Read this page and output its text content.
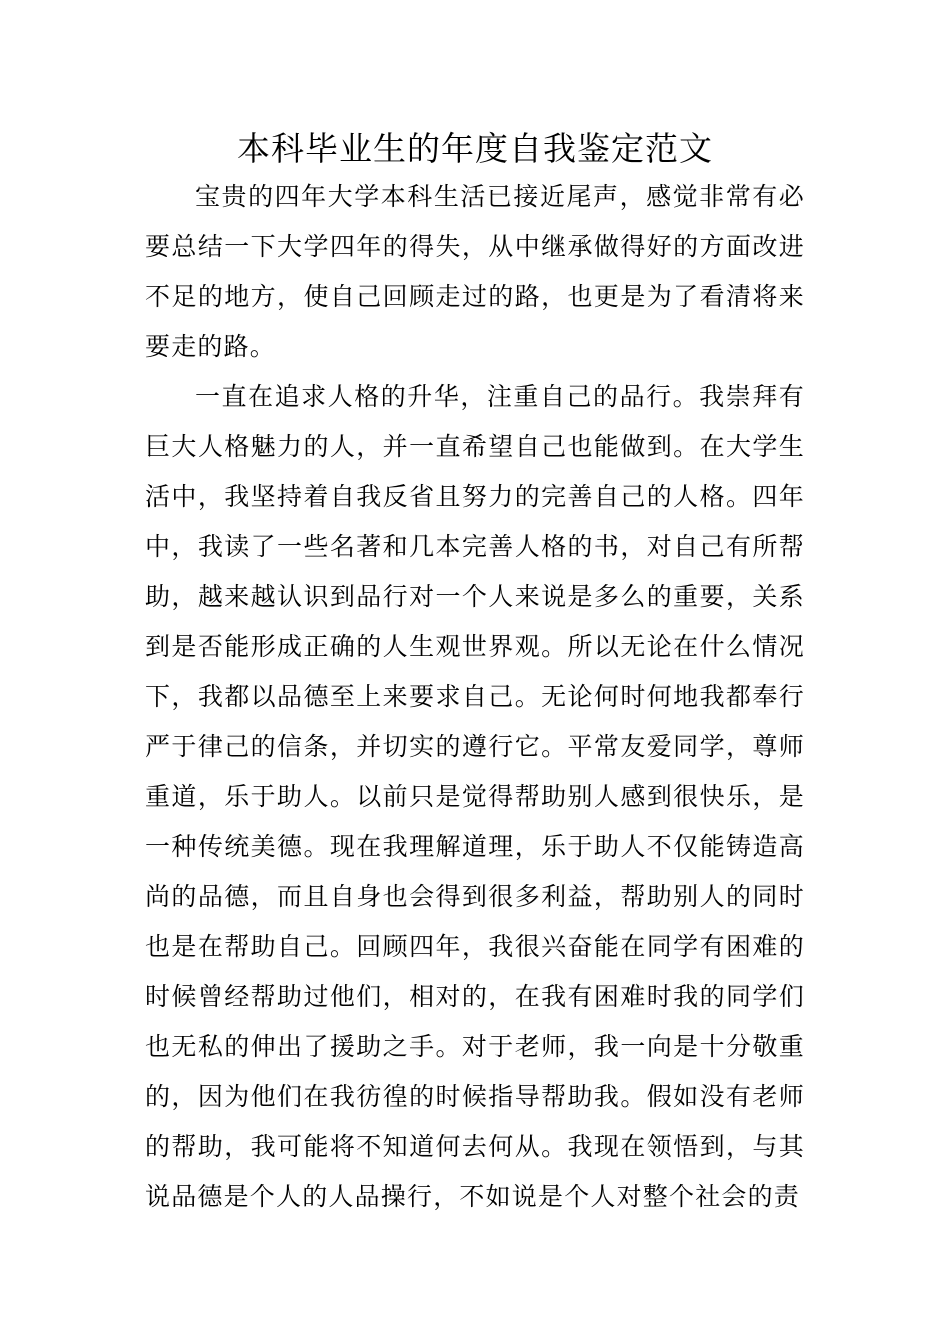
本科毕业生的年度自我鉴定范文

宝贵的四年大学本科生活已接近尾声，感觉非常有必要总结一下大学四年的得失，从中继承做得好的方面改进不足的地方，使自己回顾走过的路，也更是为了看清将来要走的路。

一直在追求人格的升华，注重自己的品行。我崇拜有巨大人格魅力的人，并一直希望自己也能做到。在大学生活中，我坚持着自我反省且努力的完善自己的人格。四年中，我读了一些名著和几本完善人格的书，对自己有所帮助，越来越认识到品行对一个人来说是多么的重要，关系到是否能形成正确的人生观世界观。所以无论在什么情况下，我都以品德至上来要求自己。无论何时何地我都奉行严于律己的信条，并切实的遵行它。平常友爱同学，尊师重道，乐于助人。以前只是觉得帮助别人感到很快乐，是一种传统美德。现在我理解道理，乐于助人不仅能铸造高尚的品德，而且自身也会得到很多利益，帮助别人的同时也是在帮助自己。回顾四年，我很兴奋能在同学有困难的时候曾经帮助过他们，相对的，在我有困难时我的同学们也无私的伸出了援助之手。对于老师，我一向是十分敬重的，因为他们在我彷徨的时候指导帮助我。假如没有老师的帮助，我可能将不知道何去何从。我现在领悟到，与其说品德是个人的人品操行，不如说是个人对整个社会的责
